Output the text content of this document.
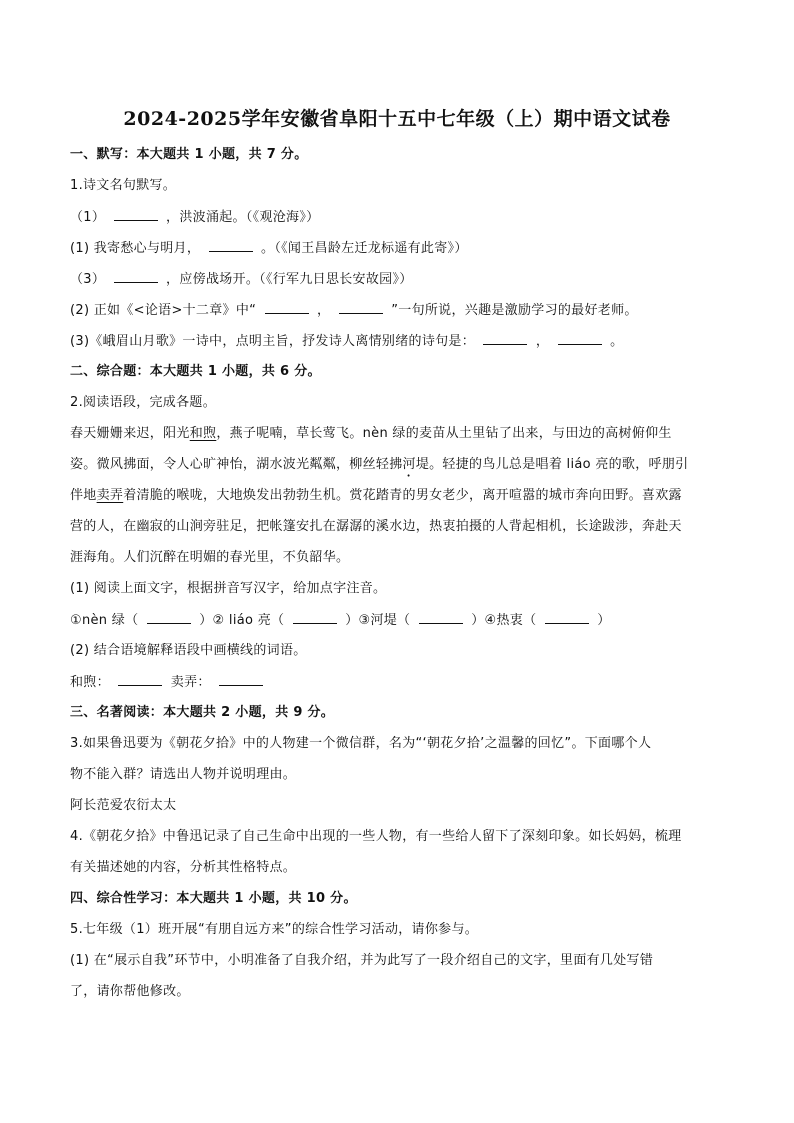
2024-2025学年安徽省阜阳十五中七年级（上）期中语文试卷
一、默写：本大题共 1 小题，共 7 分。
1.诗文名句默写。
（1）	，洪波涌起。（《观沧海》）
(1) 我寄愁心与明月，	。（《闻王昌龄左迁龙标遥有此寄》）
（3）	，应傍战场开。（《行军九日思长安故园》）
(2) 正如《<论语>十二章》中“	，	”一句所说，兴趣是激励学习的最好老师。
(3)《峨眉山月歌》一诗中，点明主旨，抒发诗人离情别绪的诗句是：	，	。
二、综合题：本大题共 1 小题，共 6 分。
2.阅读语段，完成各题。
春天姗姗来迟，阳光和煦，燕子呢喃，草长莺飞。nèn 绿的麦苗从土里钻了出来，与田边的高树俯仰生
姿。微风拂面，令人心旷神怡，湖水波光粼粼，柳丝轻拂河堤。轻捷的鸟儿总是唱着 liáo 亮的歌，呼朋引
伴地卖弄着清脆的喉咙，大地焕发出勃勃生机。赏花踏青的男女老少，离开喧嚣的城市奔向田野。喜欢露
营的人，在幽寂的山涧旁驻足，把帐篷安扎在潺潺的溪水边，热衷拍摄的人背起相机，长途跋涉，奔赴天
涯海角。人们沉醉在明媚的春光里，不负韶华。
(1) 阅读上面文字，根据拼音写汉字，给加点字注音。
①nèn 绿（	）② liáo 亮（	）③河堤（	）④热衷（	）
(2) 结合语境解释语段中画横线的词语。
和煦：	卖弄：
三、名著阅读：本大题共 2 小题，共 9 分。
3.如果鲁迅要为《朝花夕拾》中的人物建一个微信群，名为“‘朝花夕拾’之温馨的回忆”。下面哪个人
物不能入群？请选出人物并说明理由。
阿长范爱农衍太太
4.《朝花夕拾》中鲁迅记录了自己生命中出现的一些人物，有一些给人留下了深刻印象。如长妈妈，梳理
有关描述她的内容，分析其性格特点。
四、综合性学习：本大题共 1 小题，共 10 分。
5.七年级（1）班开展“有朋自远方来”的综合性学习活动，请你参与。
(1) 在“展示自我”环节中，小明准备了自我介绍，并为此写了一段介绍自己的文字，里面有几处写错
了，请你帮他修改。
